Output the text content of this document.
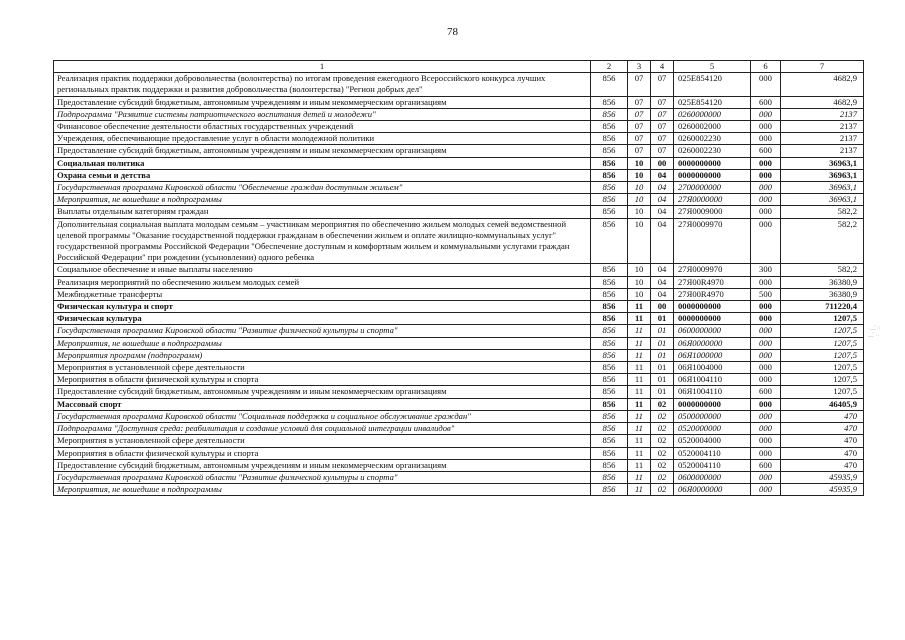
78
1	2	3	4	5	6	7
Реализация практик поддержки добровольчества (волонтерства) по итогам проведения ежегодного Всероссийского конкурса лучших региональных практик поддержки и развития добровольчества (волонтерства) "Регион добрых дел"	856	07	07	025E854120	000	4682,9
Предоставление субсидий бюджетным, автономным учреждениям и иным некоммерческим организациям	856	07	07	025E854120	600	4682,9
Подпрограмма "Развитие системы патриотического воспитания детей и молодежи"	856	07	07	0260000000	000	2137
Финансовое обеспечение деятельности областных государственных учреждений	856	07	07	0260002000	000	2137
Учреждения, обеспечивающие предоставление услуг в области молодежной политики	856	07	07	0260002230	000	2137
Предоставление субсидий бюджетным, автономным учреждениям и иным некоммерческим организациям	856	07	07	0260002230	600	2137
Социальная политика	856	10	00	0000000000	000	36963,1
Охрана семьи и детства	856	10	04	0000000000	000	36963,1
Государственная программа Кировской области "Обеспечение граждан доступным жильем"	856	10	04	2700000000	000	36963,1
Мероприятия, не вошедшие в подпрограммы	856	10	04	27Я0000000	000	36963,1
Выплаты отдельным категориям граждан	856	10	04	27Я0009000	000	582,2
Дополнительная социальная выплата молодым семьям – участникам мероприятия по обеспечению жильем молодых семей ведомственной целевой программы "Оказание государственной поддержки гражданам в обеспечении жильем и оплате жилищно-коммунальных услуг" государственной программы Российской Федерации "Обеспечение доступным и комфортным жильем и коммунальными услугами граждан Российской Федерации" при рождении (усыновлении) одного ребенка	856	10	04	27Я0009970	000	582,2
Социальное обеспечение и иные выплаты населению	856	10	04	27Я0009970	300	582,2
Реализация мероприятий по обеспечению жильем молодых семей	856	10	04	27Я00R4970	000	36380,9
Межбюджетные трансферты	856	10	04	27Я00R4970	500	36380,9
Физическая культура и спорт	856	11	00	0000000000	000	711220,4
Физическая культура	856	11	01	0000000000	000	1207,5
Государственная программа Кировской области "Развитие физической культуры и спорта"	856	11	01	0600000000	000	1207,5
Мероприятия, не вошедшие в подпрограммы	856	11	01	06Я0000000	000	1207,5
Мероприятия программ (подпрограмм)	856	11	01	06Я1000000	000	1207,5
Мероприятия в установленной сфере деятельности	856	11	01	06Я1004000	000	1207,5
Мероприятия в области физической культуры и спорта	856	11	01	06Я1004110	000	1207,5
Предоставление субсидий бюджетным, автономным учреждениям и иным некоммерческим организациям	856	11	01	06Я1004110	600	1207,5
Массовый спорт	856	11	02	0000000000	000	46405,9
Государственная программа Кировской области "Социальная поддержка и социальное обслуживание граждан"	856	11	02	0500000000	000	470
Подпрограмма "Доступная среда: реабилитация и создание условий для социальной интеграции инвалидов"	856	11	02	0520000000	000	470
Мероприятия в установленной сфере деятельности	856	11	02	0520004000	000	470
Мероприятия в области физической культуры и спорта	856	11	02	0520004110	000	470
Предоставление субсидий бюджетным, автономным учреждениям и иным некоммерческим организациям	856	11	02	0520004110	600	470
Государственная программа Кировской области "Развитие физической культуры и спорта"	856	11	02	0600000000	000	45935,9
Мероприятия, не вошедшие в подпрограммы	856	11	02	06Я0000000	000	45935,9
·‥⁚ ⁖
‥⁚ ··
